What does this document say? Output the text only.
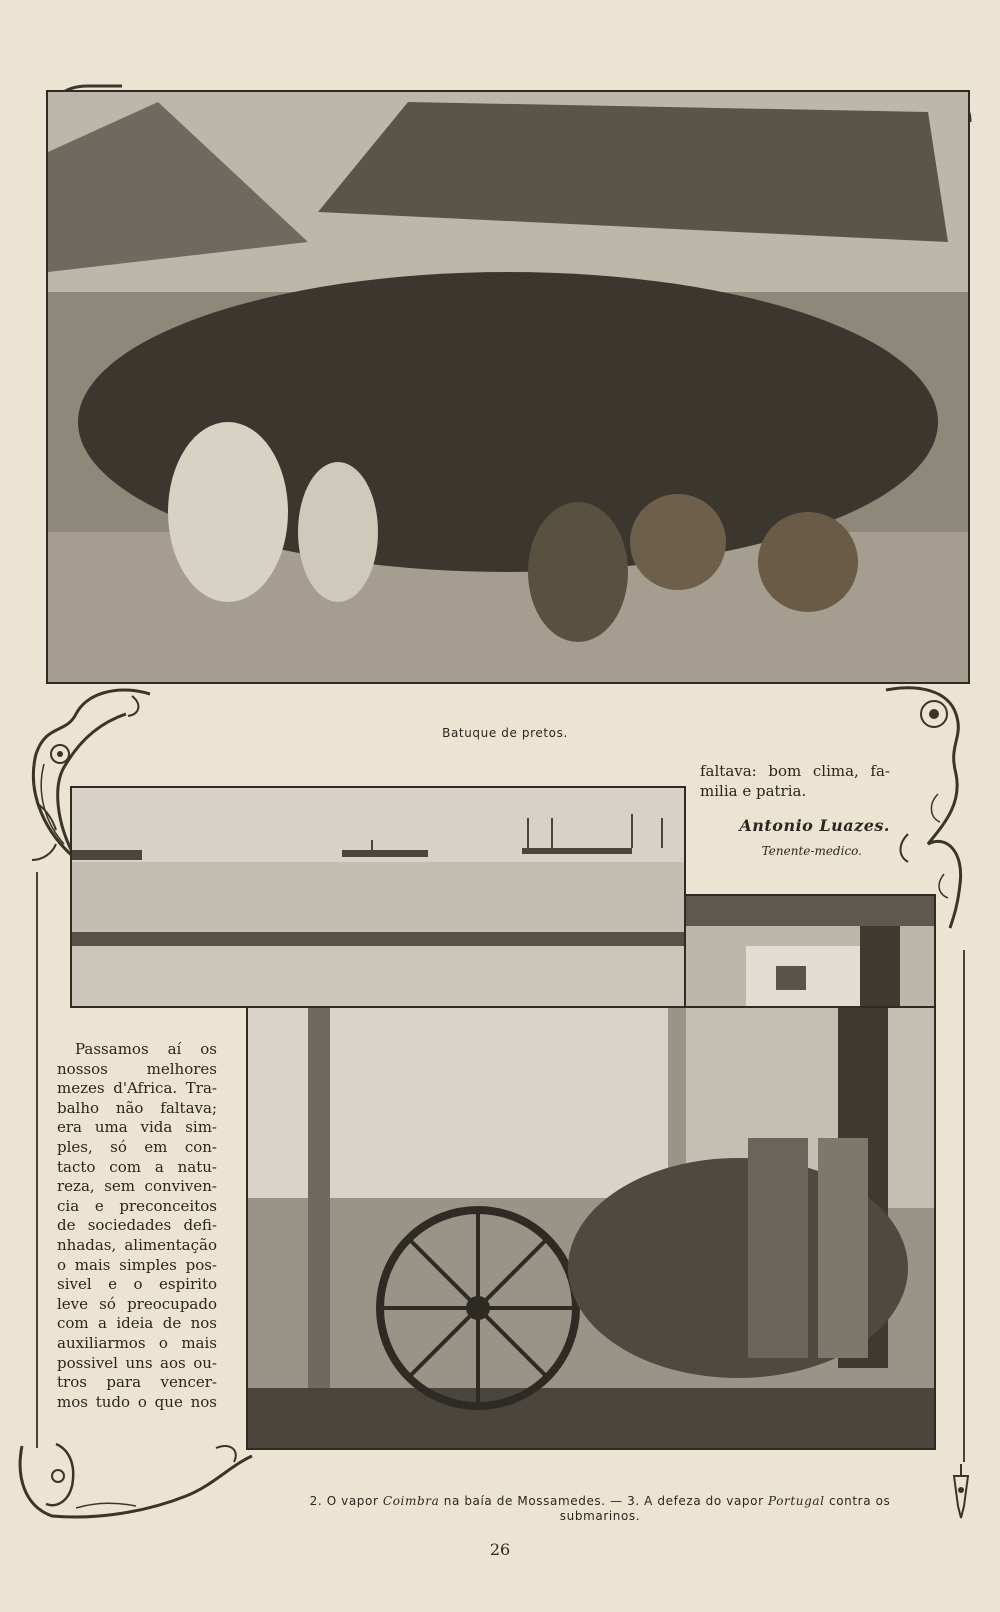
Batuque de pretos.
faltava: bom clima, fa-
milia e patria.
Antonio Luazes.
Tenente-medico.
Passamos aí os
nossos melhores
mezes d'Africa. Tra-
balho não faltava;
era uma vida sim-
ples, só em con-
tacto com a natu-
reza, sem conviven-
cia e preconceitos
de sociedades defi-
nhadas, alimentação
o mais simples pos-
sivel e o espirito
leve só preocupado
com a ideia de nos
auxiliarmos o mais
possivel uns aos ou-
tros para vencer-
mos tudo o que nos
2. O vapor Coimbra na baía de Mossamedes. — 3. A defeza do vapor Portugal contra os
submarinos.
26
